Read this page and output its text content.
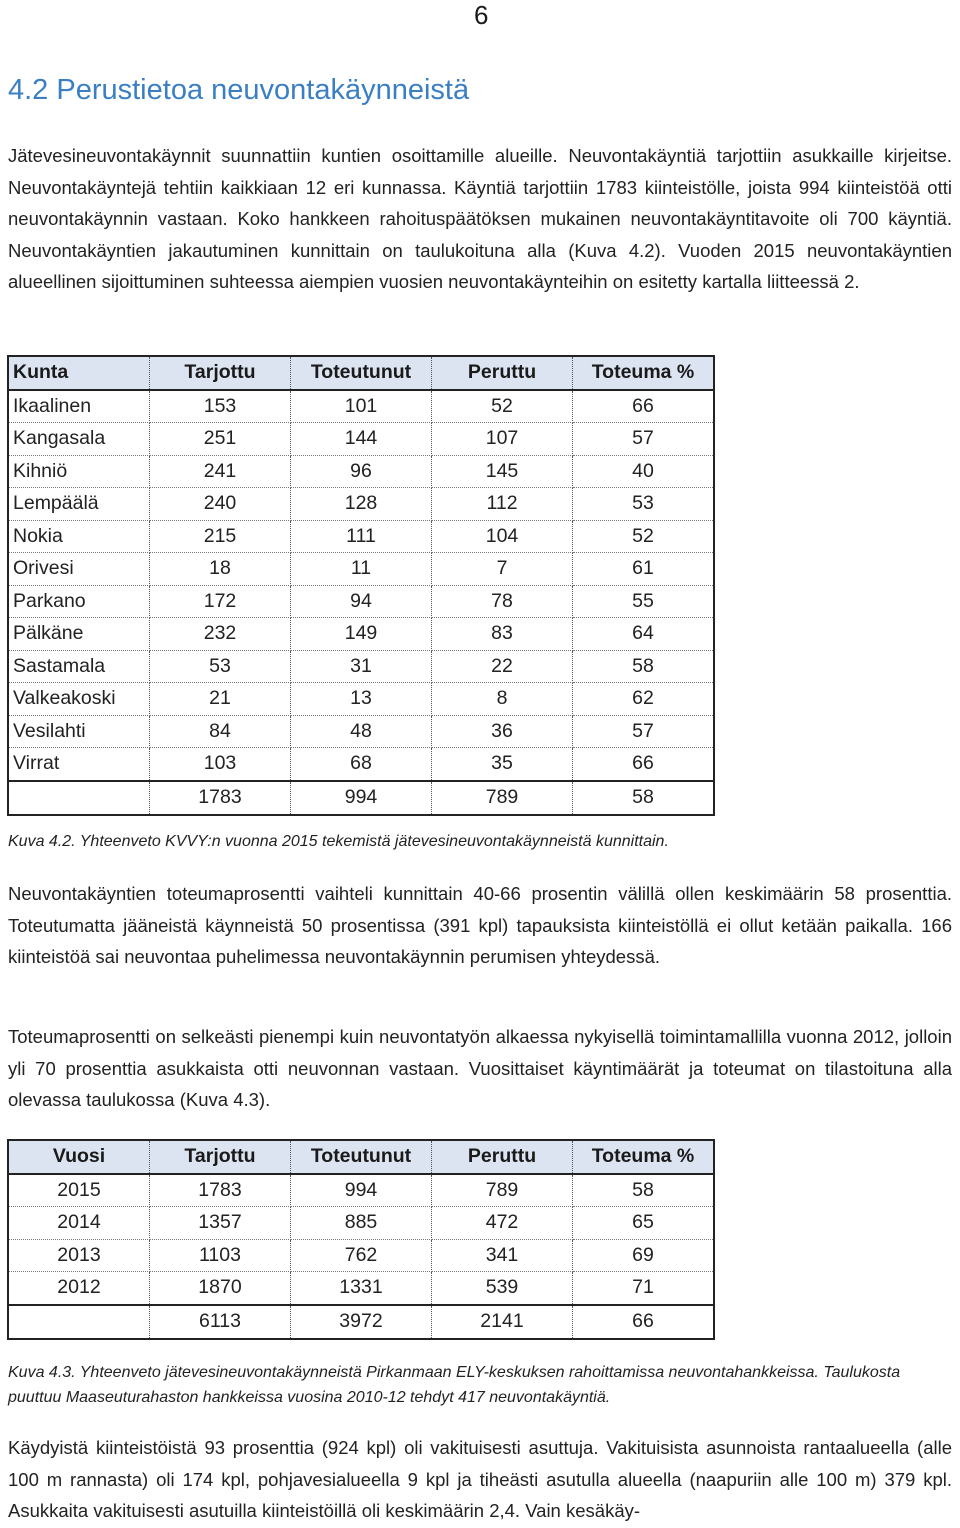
6
4.2 Perustietoa neuvontakäynneistä

Jätevesineuvontakäynnit suunnattiin kuntien osoittamille alueille. Neuvontakäyntiä tarjottiin asukkaille kirjeitse. Neuvontakäyntejä tehtiin kaikkiaan 12 eri kunnassa. Käyntiä tarjottiin 1783 kiinteistölle, joista 994 kiinteistöä otti neuvontakäynnin vastaan. Koko hankkeen rahoituspäätöksen mukainen neuvontakäyntitavoite oli 700 käyntiä. Neuvontakäyntien jakautuminen kunnittain on taulukoituna alla (Kuva 4.2). Vuoden 2015 neuvontakäyntien alueellinen sijoittuminen suhteessa aiempien vuosien neuvontakäynteihin on esitetty kartalla liitteessä 2.

Kunta	Tarjottu	Toteutunut	Peruttu	Toteuma %
Ikaalinen	153	101	52	66
Kangasala	251	144	107	57
Kihniö	241	96	145	40
Lempäälä	240	128	112	53
Nokia	215	111	104	52
Orivesi	18	11	7	61
Parkano	172	94	78	55
Pälkäne	232	149	83	64
Sastamala	53	31	22	58
Valkeakoski	21	13	8	62
Vesilahti	84	48	36	57
Virrat	103	68	35	66
	1783	994	789	58

Kuva 4.2. Yhteenveto KVVY:n vuonna 2015 tekemistä jätevesineuvontakäynneistä kunnittain.

Neuvontakäyntien toteumaprosentti vaihteli kunnittain 40-66 prosentin välillä ollen keskimäärin 58 prosenttia. Toteutumatta jääneistä käynneistä 50 prosentissa (391 kpl) tapauksista kiinteistöllä ei ollut ketään paikalla. 166 kiinteistöä sai neuvontaa puhelimessa neuvontakäynnin perumisen yhteydessä.

Toteumaprosentti on selkeästi pienempi kuin neuvontatyön alkaessa nykyisellä toimintamallilla vuonna 2012, jolloin yli 70 prosenttia asukkaista otti neuvonnan vastaan. Vuosittaiset käyntimäärät ja toteumat on tilastoituna alla olevassa taulukossa (Kuva 4.3).

Vuosi	Tarjottu	Toteutunut	Peruttu	Toteuma %
2015	1783	994	789	58
2014	1357	885	472	65
2013	1103	762	341	69
2012	1870	1331	539	71
	6113	3972	2141	66

Kuva 4.3. Yhteenveto jätevesineuvontakäynneistä Pirkanmaan ELY-keskuksen rahoittamissa neuvontahankkeissa. Taulukosta puuttuu Maaseuturahaston hankkeissa vuosina 2010-12 tehdyt 417 neuvontakäyntiä.

Käydyistä kiinteistöistä 93 prosenttia (924 kpl) oli vakituisesti asuttuja. Vakituisista asunnoista rantaalueella (alle 100 m rannasta) oli 174 kpl, pohjavesialueella 9 kpl ja tiheästi asutulla alueella (naapuriin alle 100 m) 379 kpl. Asukkaita vakituisesti asutuilla kiinteistöillä oli keskimäärin 2,4. Vain kesäkäy-
